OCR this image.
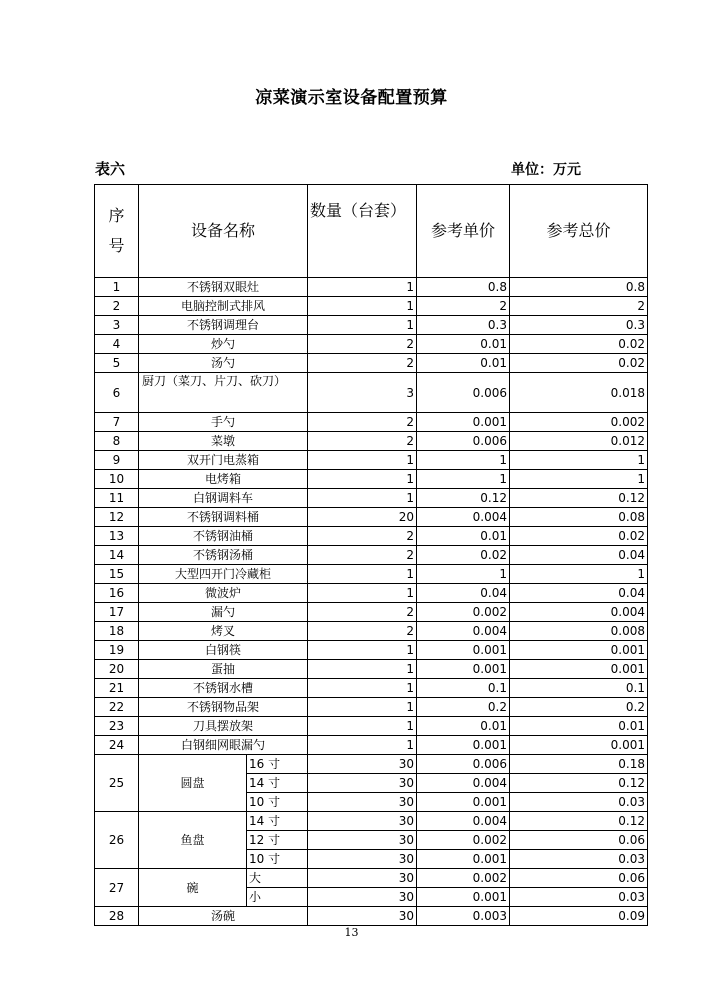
凉菜演示室设备配置预算
表六	单位：万元
序
号	设备名称		数量（台套）	参考单价	参考总价
1	不锈钢双眼灶		1	0.8	0.8
2	电脑控制式排风		1	2	2
3	不锈钢调理台		1	0.3	0.3
4	炒勺		2	0.01	0.02
5	汤勺		2	0.01	0.02
6	厨刀（菜刀、片刀、砍刀）		3	0.006	0.018
7	手勺		2	0.001	0.002
8	菜墩		2	0.006	0.012
9	双开门电蒸箱		1	1	1
10	电烤箱		1	1	1
11	白钢调料车		1	0.12	0.12
12	不锈钢调料桶		20	0.004	0.08
13	不锈钢油桶		2	0.01	0.02
14	不锈钢汤桶		2	0.02	0.04
15	大型四开门冷藏柜		1	1	1
16	微波炉		1	0.04	0.04
17	漏勺		2	0.002	0.004
18	烤叉		2	0.004	0.008
19	白钢筷		1	0.001	0.001
20	蛋抽		1	0.001	0.001
21	不锈钢水槽		1	0.1	0.1
22	不锈钢物品架		1	0.2	0.2
23	刀具摆放架		1	0.01	0.01
24	白钢细网眼漏勺		1	0.001	0.001
25	圆盘	16 寸	30	0.006	0.18
		14 寸	30	0.004	0.12
		10 寸	30	0.001	0.03
26	鱼盘	14 寸	30	0.004	0.12
		12 寸	30	0.002	0.06
		10 寸	30	0.001	0.03
27	碗	大	30	0.002	0.06
		小	30	0.001	0.03
28	汤碗		30	0.003	0.09
13
